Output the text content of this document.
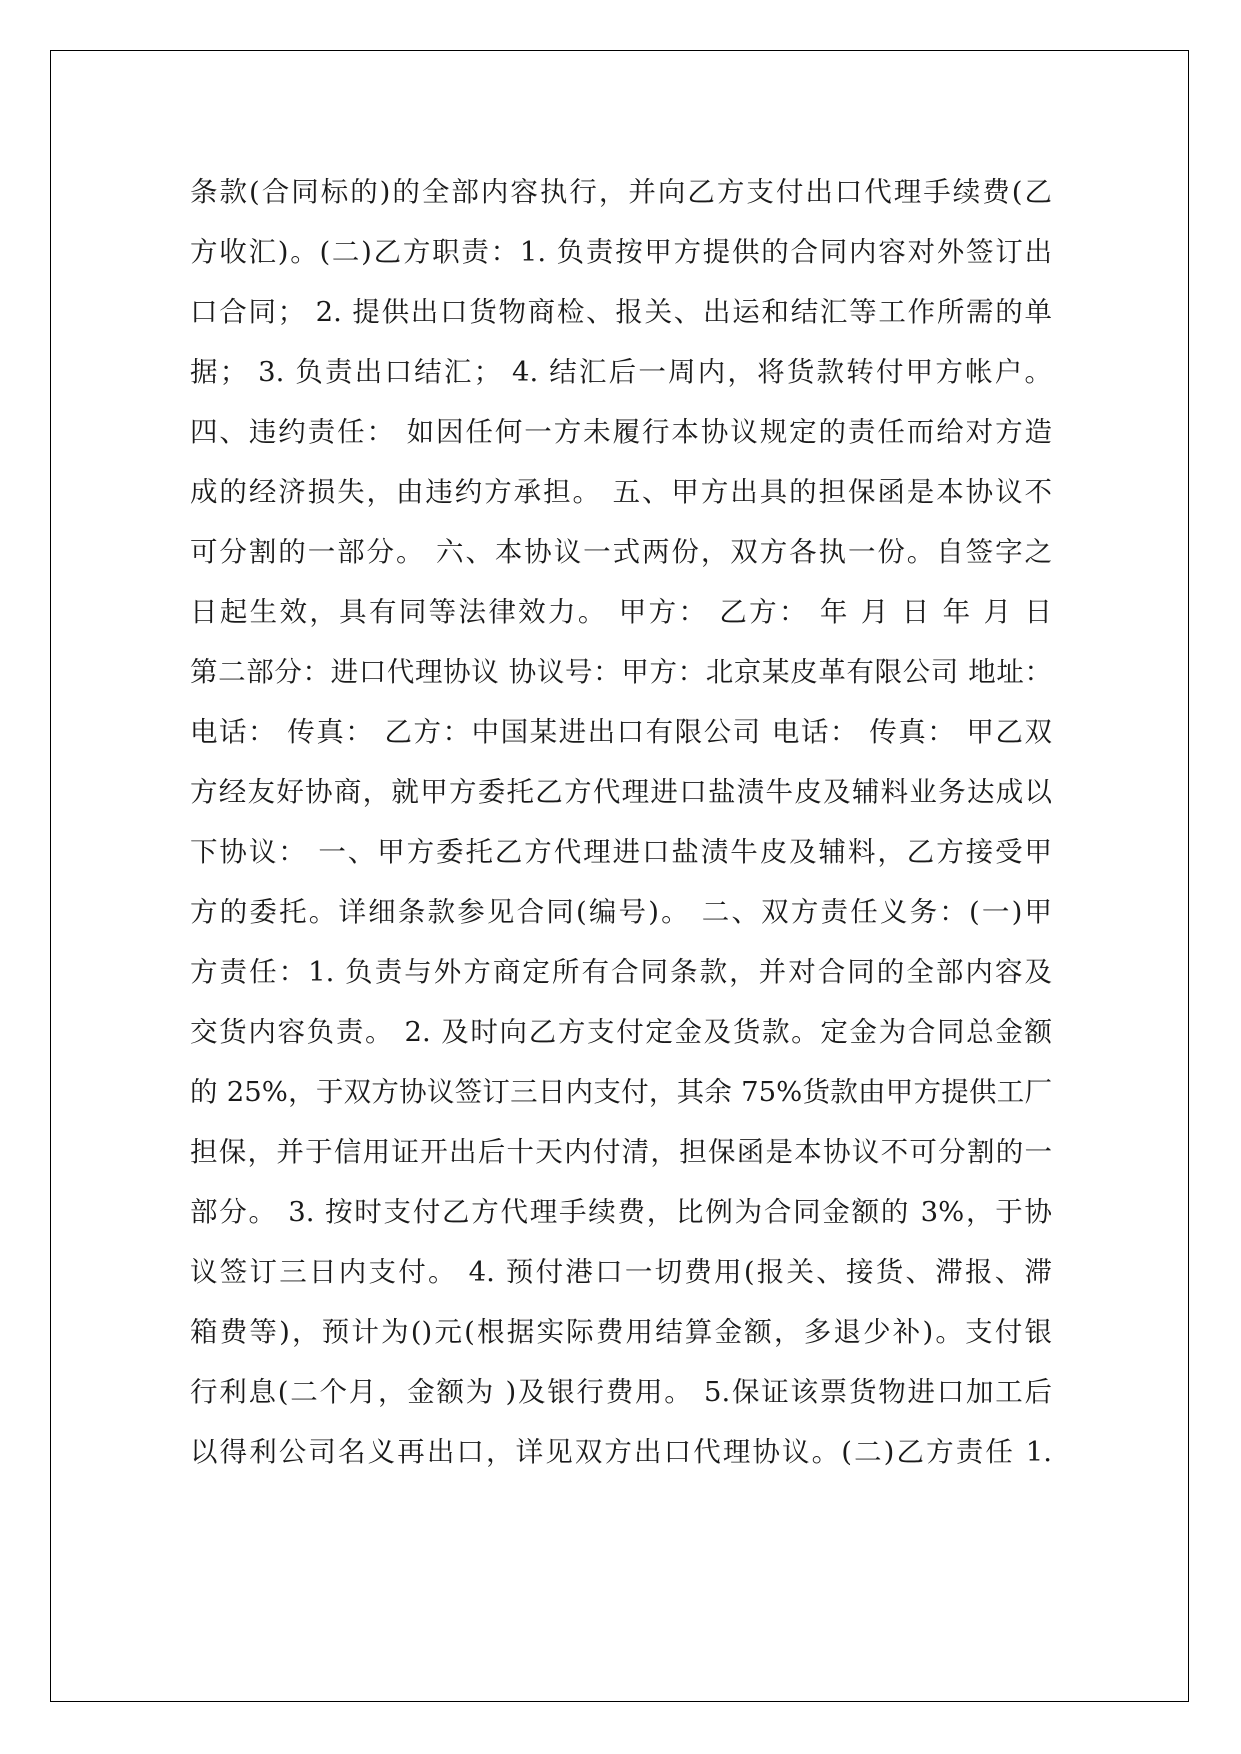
条款(合同标的)的全部内容执行，并向乙方支付出口代理手续费(乙
方收汇)。(二)乙方职责：1. 负责按甲方提供的合同内容对外签订出
口合同； 2. 提供出口货物商检、报关、出运和结汇等工作所需的单
据； 3. 负责出口结汇； 4. 结汇后一周内，将货款转付甲方帐户。
四、违约责任： 如因任何一方未履行本协议规定的责任而给对方造
成的经济损失，由违约方承担。 五、甲方出具的担保函是本协议不
可分割的一部分。 六、本协议一式两份，双方各执一份。自签字之
日起生效，具有同等法律效力。 甲方： 乙方： 年 月 日 年 月 日
第二部分：进口代理协议 协议号：甲方：北京某皮革有限公司 地址：
电话： 传真： 乙方：中国某进出口有限公司 电话： 传真： 甲乙双
方经友好协商，就甲方委托乙方代理进口盐渍牛皮及辅料业务达成以
下协议： 一、甲方委托乙方代理进口盐渍牛皮及辅料，乙方接受甲
方的委托。详细条款参见合同(编号)。 二、双方责任义务：(一)甲
方责任：1. 负责与外方商定所有合同条款，并对合同的全部内容及
交货内容负责。 2. 及时向乙方支付定金及货款。定金为合同总金额
的 25%，于双方协议签订三日内支付，其余 75%货款由甲方提供工厂
担保，并于信用证开出后十天内付清，担保函是本协议不可分割的一
部分。 3. 按时支付乙方代理手续费，比例为合同金额的 3%，于协
议签订三日内支付。 4. 预付港口一切费用(报关、接货、滞报、滞
箱费等)，预计为()元(根据实际费用结算金额，多退少补)。支付银
行利息(二个月，金额为 )及银行费用。 5.保证该票货物进口加工后
以得利公司名义再出口，详见双方出口代理协议。(二)乙方责任 1.
